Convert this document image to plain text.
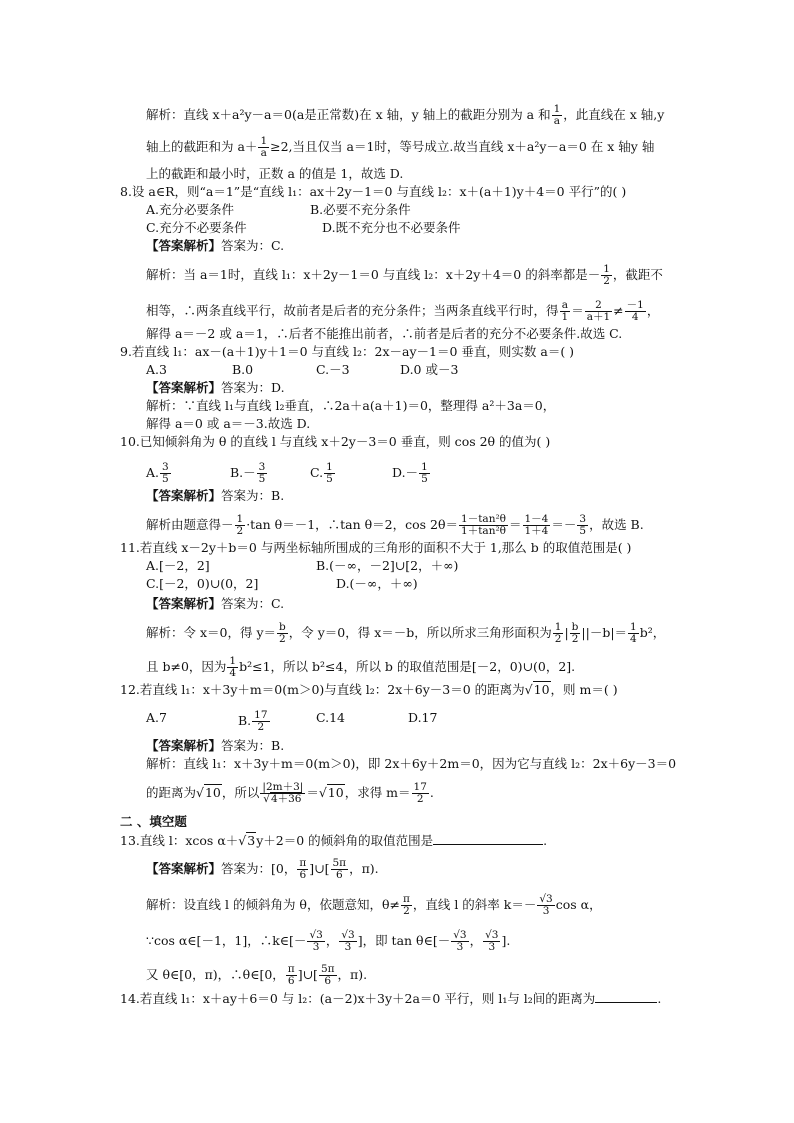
解析：直线 x＋a²y－a＝0(a是正常数)在 x 轴，y 轴上的截距分别为 a 和 $\frac{1}{a}$ ，此直线在 x 轴,y
轴上的截距和为 $a+ \frac{1}{a} \ge 2$,当且仅当 a＝1时，等号成立.故当直线 x＋a²y－a＝0 在 x 轴y 轴
上的截距和最小时，正数 a 的值是 1，故选 D.
8.设 a∈R，则“a＝1”是“直线 l₁：ax＋2y－1＝0 与直线 l₂：x＋(a＋1)y＋4＝0 平行”的( )
A.充分必要条件	B.必要不充分条件
C.充分不必要条件	D.既不充分也不必要条件
【答案解析】答案为：C.
解析：当 a＝1时，直线 l₁：x＋2y－1＝0 与直线 l₂：x＋2y＋4＝0 的斜率都是－ $\frac{1}{2}$ ，截距不
相等，∴两条直线平行，故前者是后者的充分条件；当两条直线平行时，得 $\frac{a}{1} = \frac{2}{a+1} \ne \frac{-1}{4}$ ，
解得 a＝－2 或 a＝1，∴后者不能推出前者，∴前者是后者的充分不必要条件.故选 C.
9.若直线 l₁：ax－(a＋1)y＋1＝0 与直线 l₂：2x－ay－1＝0 垂直，则实数 a＝( )
A.3	B.0	C.－3	D.0 或－3
【答案解析】答案为：D.
解析：∵直线 l₁与直线 l₂垂直，∴2a＋a(a＋1)＝0，整理得 a²＋3a＝0，
解得 a＝0 或 a＝－3.故选 D.
10.已知倾斜角为 θ 的直线 l 与直线 x＋2y－3＝0 垂直，则 cos 2θ 的值为( )
A. $\frac{3}{5}$	$B.- \frac{3}{5}$	C. $\frac{1}{5}$	$D.- \frac{1}{5}$
【答案解析】答案为：B.
解析由题意得－ $\frac{1}{2} \cdot\tan$ θ＝－1，∴tan θ＝2，$\cos 2\theta= \frac{\text{1－tan²θ}}{\text{1＋tan²θ}} = \frac{1-4}{1+4} =- \frac{3}{5}$ ，故选 B.
11.若直线 x－2y＋b＝0 与两坐标轴所围成的三角形的面积不大于 1,那么 b 的取值范围是( )
A.[－2，2]	B.(－∞，－2]∪[2，＋∞)
C.[－2，0)∪(0，2]	D.(－∞，＋∞)
【答案解析】答案为：C.
解析：令 x＝0，得 $y= \frac{b}{2}$ ，令 y＝0，得 x＝－b，所以所求三角形面积为 $\frac{1}{2}$ | $\frac{b}{2} ||-b|= \frac{1}{4} b^2$，
且 b≠0，因为 $\frac{1}{4} b^2\le 1$，所以 b²≤4，所以 b 的取值范围是[－2，0)∪(0，2].
12.若直线 l₁：x＋3y＋m＝0(m＞0)与直线 l₂：2x＋6y－3＝0 的距离为√10，则 m＝( )
A.7	B. $\frac{17}{2}$	C.14	D.17
【答案解析】答案为：B.
解析：直线 l₁：x＋3y＋m＝0(m＞0)，即 2x＋6y＋2m＝0，因为它与直线 l₂：2x＋6y－3＝0
的距离为√10，所以 $\frac{|2m+3|}{√4+36} =√10$，求得 $m= \frac{17}{2}$ .
二 、填空题
13.直线 l：xcos α＋√3y＋2＝0 的倾斜角的取值范围是	.
【答案解析】答案为：[0， $\frac{\pi}{6}$ ]∪[ $\frac{5\pi}{6}$ ，π).
解析：设直线 l 的倾斜角为 θ，依题意知，$\theta\ne \frac{\pi}{2}$ ，直线 l 的斜率 $k=- \frac{√3}{3}$ cos α，
∵cos α∈[－1，1]，∴k∈[－ $\frac{√3}{3}$ ， $\frac{√3}{3}$ ]，即 tan θ∈[－ $\frac{√3}{3}$ ， $\frac{√3}{3}$ ].
又 θ∈[0，π)，∴θ∈[0， $\frac{\pi}{6}$ ]∪[ $\frac{5\pi}{6}$ ，π).
14.若直线 l₁：x＋ay＋6＝0 与 l₂：(a－2)x＋3y＋2a＝0 平行，则 l₁与 l₂间的距离为	.
